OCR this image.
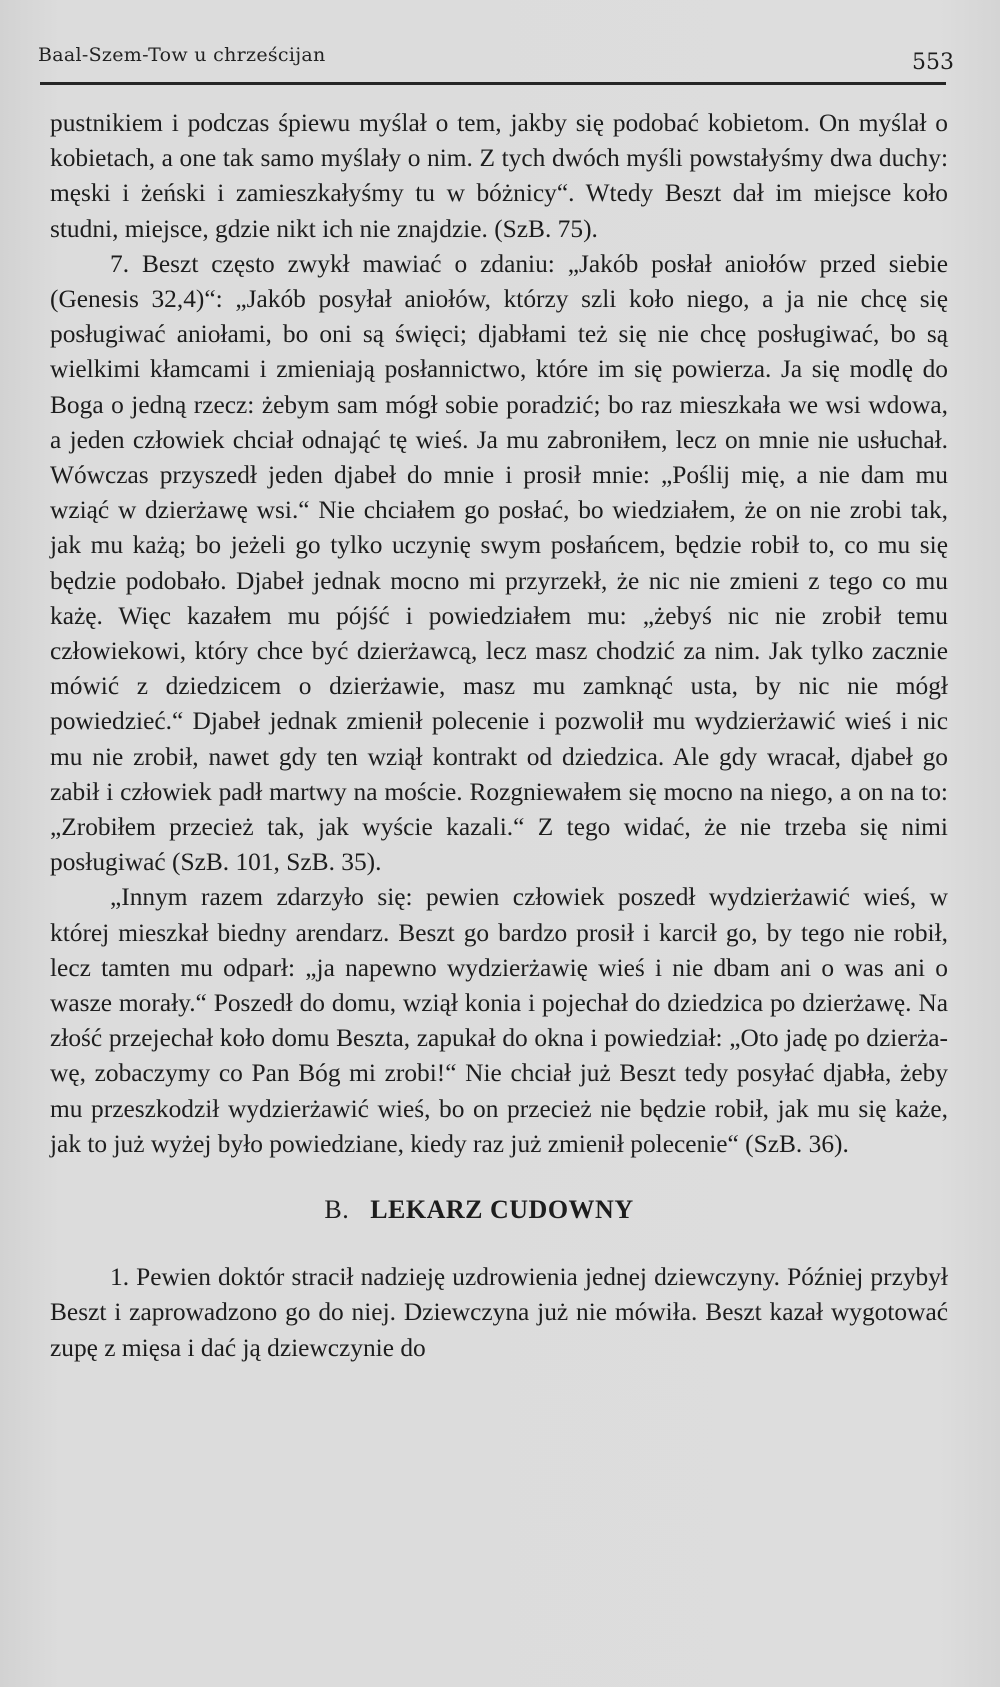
Baal-Szem-Tow u chrześcijan	553

pustnikiem i podczas śpiewu myślał o tem, jakby się podobać kobietom. On myślał o kobietach, a one tak samo myślały o nim. Z tych dwóch myśli powstałyśmy dwa duchy: męski i żeński i zamieszkałyśmy tu w bóżnicy“. Wtedy Beszt dał im miejsce koło studni, miejsce, gdzie nikt ich nie znajdzie. (SzB. 75).

7. Beszt często zwykł mawiać o zdaniu: „Jakób posłał aniołów przed siebie (Genesis 32,4)“: „Jakób posyłał aniołów, którzy szli koło niego, a ja nie chcę się posługiwać aniołami, bo oni są święci; djabłami też się nie chcę posługiwać, bo są wielkimi kłamcami i zmieniają posłannictwo, które im się powierza. Ja się modlę do Boga o jedną rzecz: żebym sam mógł sobie poradzić; bo raz mieszkała we wsi wdowa, a jeden człowiek chciał odnająć tę wieś. Ja mu zabroniłem, lecz on mnie nie usłuchał. Wówczas przyszedł jeden djabeł do mnie i prosił mnie: „Poślij mię, a nie dam mu wziąć w dzierżawę wsi.“ Nie chciałem go posłać, bo wiedziałem, że on nie zrobi tak, jak mu każą; bo jeżeli go tylko uczynię swym posłańcem, będzie robił to, co mu się będzie podobało. Djabeł jednak mocno mi przyrzekł, że nic nie zmieni z tego co mu każę. Więc kazałem mu pójść i powiedziałem mu: „żebyś nic nie zrobił temu człowiekowi, który chce być dzierżawcą, lecz masz chodzić za nim. Jak tylko zacznie mówić z dziedzicem o dzierżawie, masz mu zamknąć usta, by nic nie mógł powiedzieć.“ Djabeł jednak zmienił polecenie i pozwolił mu wydzierżawić wieś i nic mu nie zrobił, nawet gdy ten wziął kontrakt od dziedzica. Ale gdy wracał, djabeł go zabił i człowiek padł martwy na moście. Rozgniewałem się mocno na niego, a on na to: „Zrobiłem przecież tak, jak wyście kazali.“ Z tego widać, że nie trzeba się nimi posługiwać (SzB. 101, SzB. 35).

„Innym razem zdarzyło się: pewien człowiek poszedł wydzierżawić wieś, w której mieszkał biedny arendarz. Beszt go bardzo prosił i karcił go, by tego nie robił, lecz tamten mu odparł: „ja napewno wydzierżawię wieś i nie dbam ani o was ani o wasze morały.“ Poszedł do domu, wziął konia i pojechał do dziedzica po dzierżawę. Na złość przejechał koło domu Beszta, zapukał do okna i powiedział: „Oto jadę po dzierżawę, zobaczymy co Pan Bóg mi zrobi!“ Nie chciał już Beszt tedy posyłać djabła, żeby mu przeszkodził wydzierżawić wieś, bo on przecież nie będzie robił, jak mu się każe, jak to już wyżej było powiedziane, kiedy raz już zmienił polecenie“ (SzB. 36).

B. LEKARZ CUDOWNY

1. Pewien doktór stracił nadzieję uzdrowienia jednej dziewczyny. Później przybył Beszt i zaprowadzono go do niej. Dziewczyna już nie mówiła. Beszt kazał wygotować zupę z mięsa i dać ją dziewczynie do
